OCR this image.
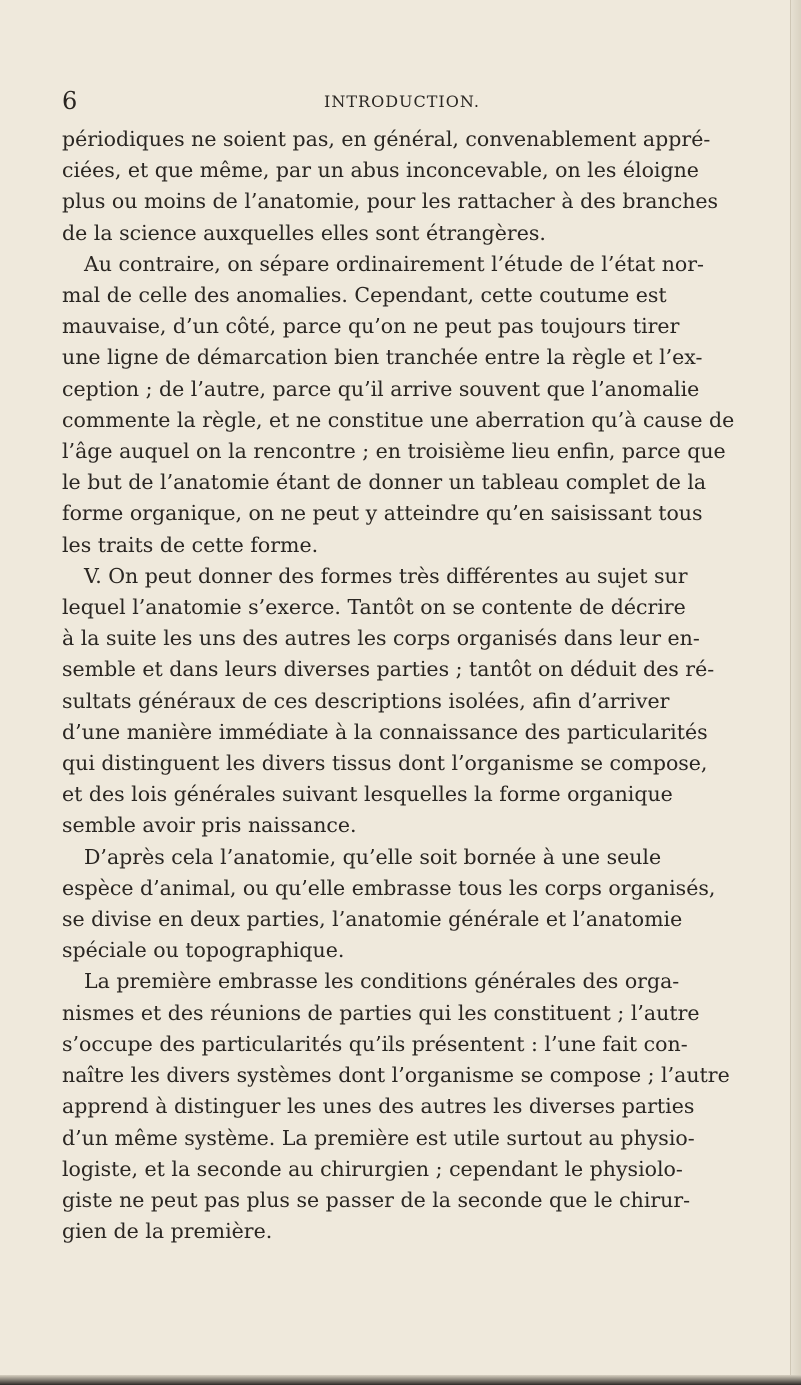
6	INTRODUCTION.
périodiques ne soient pas, en général, convenablement appré-
ciées, et que même, par un abus inconcevable, on les éloigne
plus ou moins de l’anatomie, pour les rattacher à des branches
de la science auxquelles elles sont étrangères.
Au contraire, on sépare ordinairement l’étude de l’état nor-
mal de celle des anomalies. Cependant, cette coutume est
mauvaise, d’un côté, parce qu’on ne peut pas toujours tirer
une ligne de démarcation bien tranchée entre la règle et l’ex-
ception ; de l’autre, parce qu’il arrive souvent que l’anomalie
commente la règle, et ne constitue une aberration qu’à cause de
l’âge auquel on la rencontre ; en troisième lieu enfin, parce que
le but de l’anatomie étant de donner un tableau complet de la
forme organique, on ne peut y atteindre qu’en saisissant tous
les traits de cette forme.
V. On peut donner des formes très différentes au sujet sur
lequel l’anatomie s’exerce. Tantôt on se contente de décrire
à la suite les uns des autres les corps organisés dans leur en-
semble et dans leurs diverses parties ; tantôt on déduit des ré-
sultats généraux de ces descriptions isolées, afin d’arriver
d’une manière immédiate à la connaissance des particularités
qui distinguent les divers tissus dont l’organisme se compose,
et des lois générales suivant lesquelles la forme organique
semble avoir pris naissance.
D’après cela l’anatomie, qu’elle soit bornée à une seule
espèce d’animal, ou qu’elle embrasse tous les corps organisés,
se divise en deux parties, l’anatomie générale et l’anatomie
spéciale ou topographique.
La première embrasse les conditions générales des orga-
nismes et des réunions de parties qui les constituent ; l’autre
s’occupe des particularités qu’ils présentent : l’une fait con-
naître les divers systèmes dont l’organisme se compose ; l’autre
apprend à distinguer les unes des autres les diverses parties
d’un même système. La première est utile surtout au physio-
logiste, et la seconde au chirurgien ; cependant le physiolo-
giste ne peut pas plus se passer de la seconde que le chirur-
gien de la première.
